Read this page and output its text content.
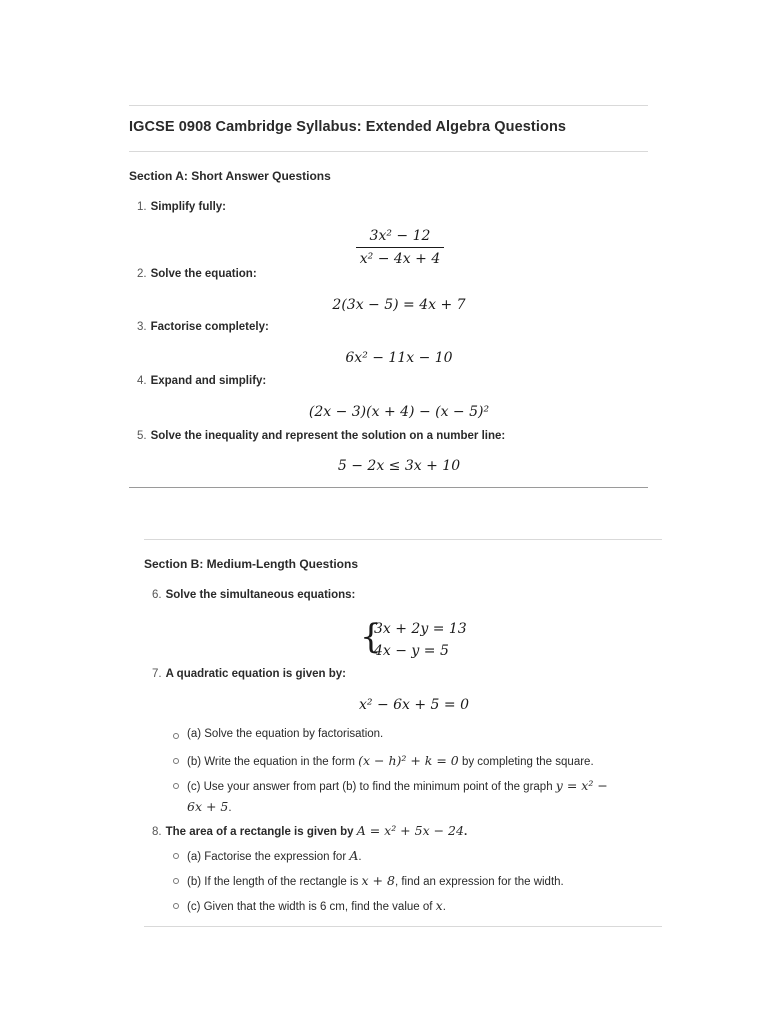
IGCSE 0908 Cambridge Syllabus: Extended Algebra Questions
Section A: Short Answer Questions
1. Simplify fully:
$\frac{\text{3x² − 12}}{\text{x² − 4x + 4}}$
2. Solve the equation:
2(3x − 5) = 4x + 7
3. Factorise completely:
6x² − 11x − 10
4. Expand and simplify:
(2x − 3)(x + 4) − (x − 5)²
5. Solve the inequality and represent the solution on a number line:
5 − 2x ≤ 3x + 10
Section B: Medium-Length Questions
6. Solve the simultaneous equations:
{
3x + 2y = 13
4x − y = 5
7. A quadratic equation is given by:
x² − 6x + 5 = 0
(a) Solve the equation by factorisation.
(b) Write the equation in the form (x − h)² + k = 0 by completing the square.
(c) Use your answer from part (b) to find the minimum point of the graph y = x² −
6x + 5.
8. The area of a rectangle is given by A = x² + 5x − 24.
(a) Factorise the expression for A.
(b) If the length of the rectangle is x + 8, find an expression for the width.
(c) Given that the width is 6 cm, find the value of x.
